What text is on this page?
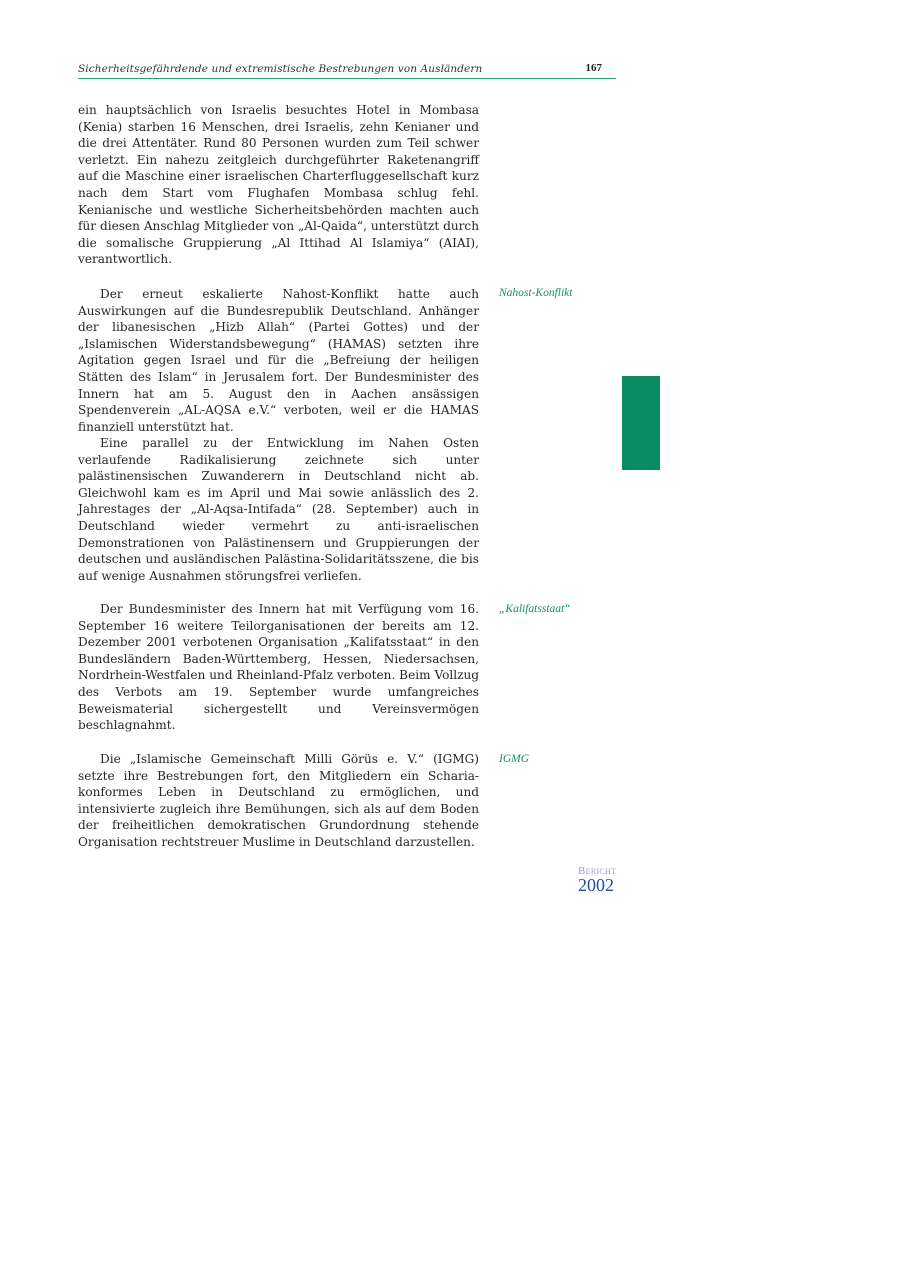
Sicherheitsgefährdende und extremistische Bestrebungen von Ausländern	167

ein hauptsächlich von Israelis besuchtes Hotel in Mombasa (Kenia) starben 16 Menschen, drei Israelis, zehn Kenianer und die drei Attentäter. Rund 80 Personen wurden zum Teil schwer verletzt. Ein nahezu zeitgleich durchgeführter Raketenangriff auf die Maschine einer israelischen Charterfluggesellschaft kurz nach dem Start vom Flughafen Mombasa schlug fehl. Kenianische und westliche Sicherheitsbehörden machten auch für diesen Anschlag Mitglieder von „Al-Qaida“, unterstützt durch die somalische Gruppierung „Al Ittihad Al Islamiya“ (AIAI), verantwortlich.

Der erneut eskalierte Nahost-Konflikt hatte auch Auswirkungen auf die Bundesrepublik Deutschland. Anhänger der libanesischen „Hizb Allah“ (Partei Gottes) und der „Islamischen Widerstandsbewegung“ (HAMAS) setzten ihre Agitation gegen Israel und für die „Befreiung der heiligen Stätten des Islam“ in Jerusalem fort. Der Bundesminister des Innern hat am 5. August den in Aachen ansässigen Spendenverein „AL-AQSA e.V.“ verboten, weil er die HAMAS finanziell unterstützt hat.

Nahost-Konflikt

Eine parallel zu der Entwicklung im Nahen Osten verlaufende Radikalisierung zeichnete sich unter palästinensischen Zuwanderern in Deutschland nicht ab. Gleichwohl kam es im April und Mai sowie anlässlich des 2. Jahrestages der „Al-Aqsa-Intifada“ (28. September) auch in Deutschland wieder vermehrt zu anti-israelischen Demonstrationen von Palästinensern und Gruppierungen der deutschen und ausländischen Palästina-Solidaritätsszene, die bis auf wenige Ausnahmen störungsfrei verliefen.

Der Bundesminister des Innern hat mit Verfügung vom 16. September 16 weitere Teilorganisationen der bereits am 12. Dezember 2001 verbotenen Organisation „Kalifatsstaat“ in den Bundesländern Baden-Württemberg, Hessen, Niedersachsen, Nordrhein-Westfalen und Rheinland-Pfalz verboten. Beim Vollzug des Verbots am 19. September wurde umfangreiches Beweismaterial sichergestellt und Vereinsvermögen beschlagnahmt.

„Kalifatsstaat“

Die „Islamische Gemeinschaft Milli Görüs e. V.“ (IGMG) setzte ihre Bestrebungen fort, den Mitgliedern ein Scharia-konformes Leben in Deutschland zu ermöglichen, und intensivierte zugleich ihre Bemühungen, sich als auf dem Boden der freiheitlichen demokratischen Grundordnung stehende Organisation rechtstreuer Muslime in Deutschland darzustellen.

IGMG
Bericht
2002
